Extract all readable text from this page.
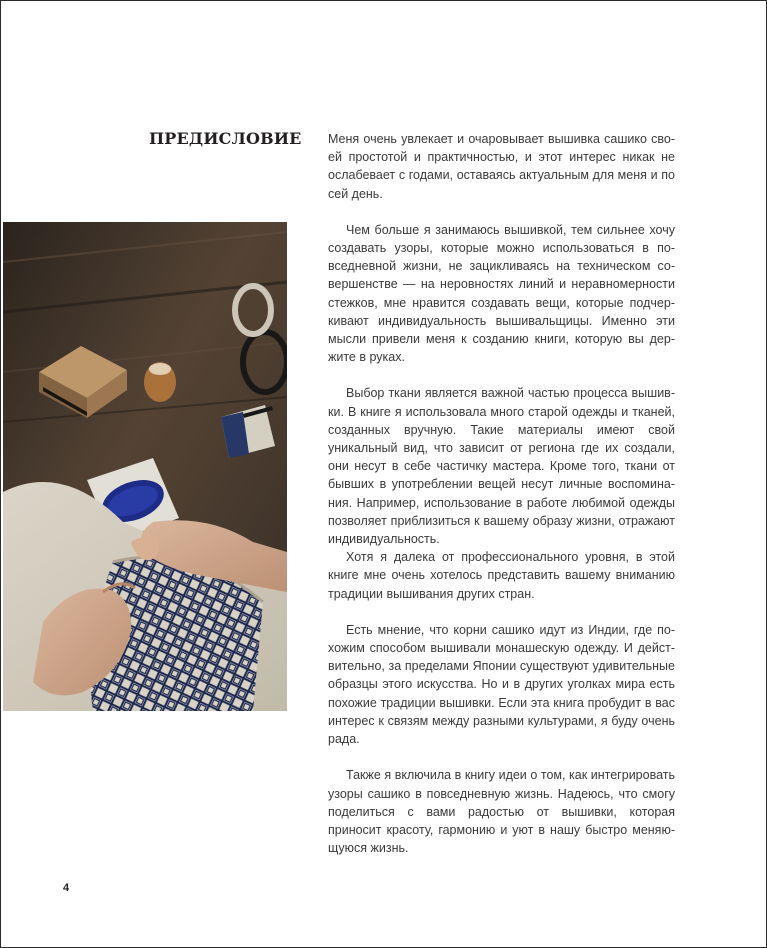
ПРЕДИСЛОВИЕ Меня очень увлекает и очаровывает вышивка сашико своей простотой и практичностью, и этот интерес никак не ослабевает с годами, оставаясь актуальным для меня и по сей день.

Чем больше я занимаюсь вышивкой, тем сильнее хочу создавать узоры, которые можно использоваться в повседневной жизни, не зацикливаясь на техническом совершенстве — на неровностях линий и неравномерности стежков, мне нравится создавать вещи, которые подчеркивают индивидуальность вышивальщицы. Именно эти мысли привели меня к созданию книги, которую вы держите в руках.

Выбор ткани является важной частью процесса вышивки. В книге я использовала много старой одежды и тканей, созданных вручную. Такие материалы имеют свой уникальный вид, что зависит от региона где их создали, они несут в себе частичку мастера. Кроме того, ткани от бывших в употреблении вещей несут личные воспоминания. Например, использование в работе любимой одежды позволяет приблизиться к вашему образу жизни, отражают индивидуальность.

Хотя я далека от профессионального уровня, в этой книге мне очень хотелось представить вашему вниманию традиции вышивания других стран.

Есть мнение, что корни сашико идут из Индии, где похожим способом вышивали монашескую одежду. И действительно, за пределами Японии существуют удивительные образцы этого искусства. Но и в других уголках мира есть похожие традиции вышивки. Если эта книга пробудит в вас интерес к связям между разными культурами, я буду очень рада.

Также я включила в книгу идеи о том, как интегрировать узоры сашико в повседневную жизнь. Надеюсь, что смогу поделиться с вами радостью от вышивки, которая приносит красоту, гармонию и уют в нашу быстро меняющуюся жизнь.

4
